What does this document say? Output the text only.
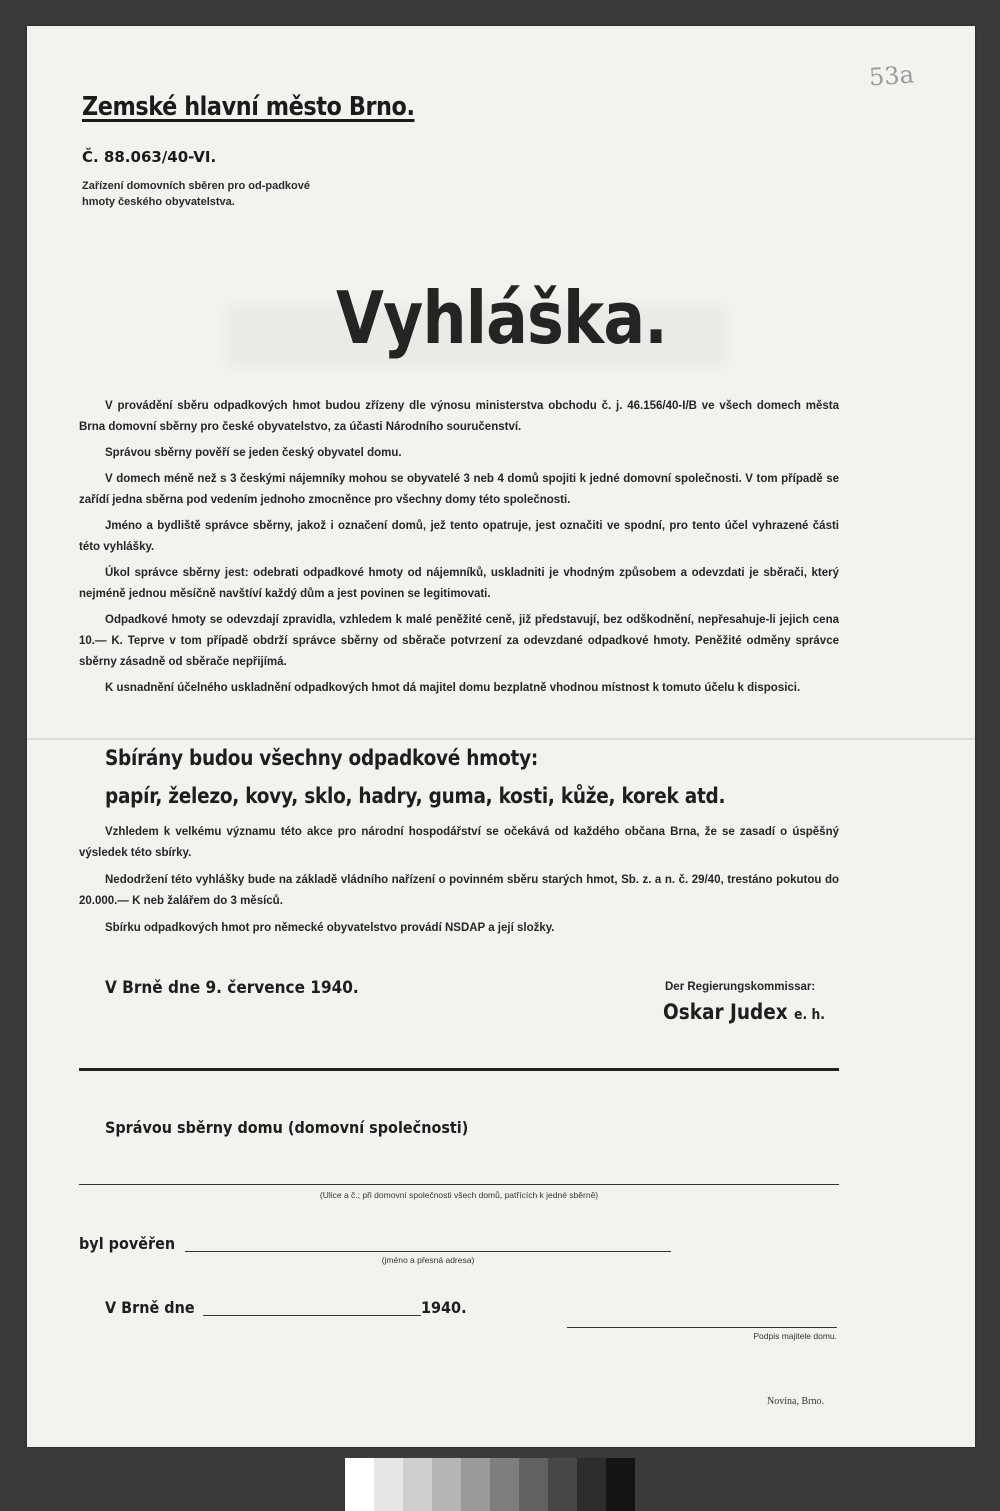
53a
Zemské hlavní město Brno.
Č. 88.063/40-VI.
Zařízení domovních sběren pro od-padkové hmoty českého obyvatelstva.
Vyhláška.

V provádění sběru odpadkových hmot budou zřízeny dle výnosu ministerstva obchodu č. j. 46.156/40-I/B ve všech domech města Brna domovní sběrny pro české obyvatelstvo, za účasti Národního souručenství.

Správou sběrny pověří se jeden český obyvatel domu.

V domech méně než s 3 českými nájemníky mohou se obyvatelé 3 neb 4 domů spojiti k jedné domovní společnosti. V tom případě se zařídí jedna sběrna pod vedením jednoho zmocněnce pro všechny domy této společnosti.

Jméno a bydliště správce sběrny, jakož i označení domů, jež tento opatruje, jest označiti ve spodní, pro tento účel vyhrazené části této vyhlášky.

Úkol správce sběrny jest: odebrati odpadkové hmoty od nájemníků, uskladniti je vhodným způsobem a odevzdati je sběrači, který nejméně jednou měsíčně navštíví každý dům a jest povinen se legitimovati.

Odpadkové hmoty se odevzdají zpravidla, vzhledem k malé peněžité ceně, již představují, bez odškodnění, nepřesahuje-li jejich cena 10.— K. Teprve v tom případě obdrží správce sběrny od sběrače potvrzení za odevzdané odpadkové hmoty. Peněžité odměny správce sběrny zásadně od sběrače nepřijímá.

K usnadnění účelného uskladnění odpadkových hmot dá majitel domu bezplatně vhodnou místnost k tomuto účelu k disposici.

Sbírány budou všechny odpadkové hmoty:
papír, železo, kovy, sklo, hadry, guma, kosti, kůže, korek atd.

Vzhledem k velkému významu této akce pro národní hospodářství se očekává od každého občana Brna, že se zasadí o úspěšný výsledek této sbírky.

Nedodržení této vyhlášky bude na základě vládního nařízení o povinném sběru starých hmot, Sb. z. a n. č. 29/40, trestáno pokutou do 20.000.— K neb žalářem do 3 měsíců.

Sbírku odpadkových hmot pro německé obyvatelstvo provádí NSDAP a její složky.

V Brně dne 9. července 1940.	Der Regierungskommissar:
Oskar Judex e. h.
Správou sběrny domu (domovní společnosti)
(Ulice a č.; při domovní společnosti všech domů, patřících k jedné sběrně)
byl pověřen
(jméno a přesná adresa)
V Brně dne	1940.
Podpis majitele domu.
Novina, Brno.
